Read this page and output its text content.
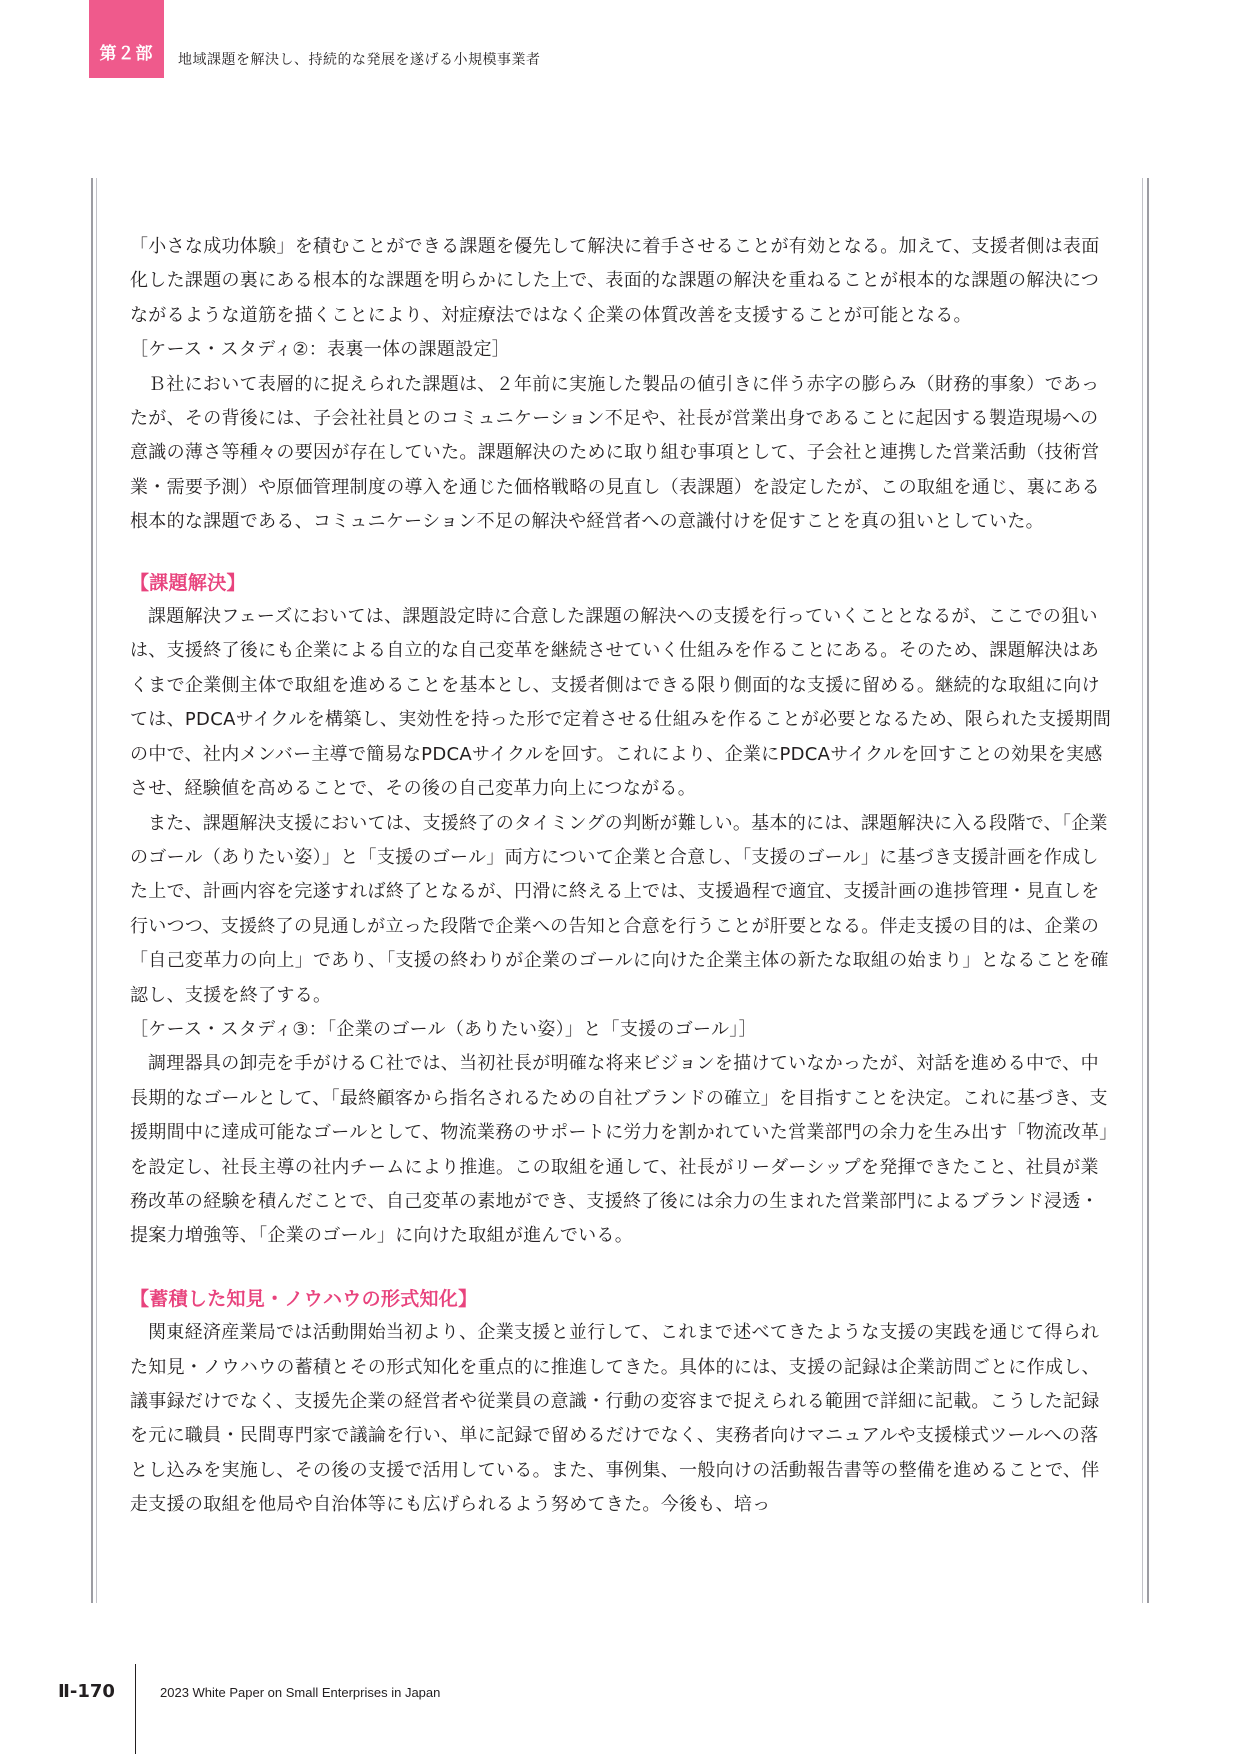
第２部 地域課題を解決し、持続的な発展を遂げる小規模事業者

「小さな成功体験」を積むことができる課題を優先して解決に着手させることが有効となる。加えて、支援者側は表面化した課題の裏にある根本的な課題を明らかにした上で、表面的な課題の解決を重ねることが根本的な課題の解決につながるような道筋を描くことにより、対症療法ではなく企業の体質改善を支援することが可能となる。

［ケース・スタディ②：表裏一体の課題設定］

Ｂ社において表層的に捉えられた課題は、２年前に実施した製品の値引きに伴う赤字の膨らみ（財務的事象）であったが、その背後には、子会社社員とのコミュニケーション不足や、社長が営業出身であることに起因する製造現場への意識の薄さ等種々の要因が存在していた。課題解決のために取り組む事項として、子会社と連携した営業活動（技術営業・需要予測）や原価管理制度の導入を通じた価格戦略の見直し（表課題）を設定したが、この取組を通じ、裏にある根本的な課題である、コミュニケーション不足の解決や経営者への意識付けを促すことを真の狙いとしていた。

【課題解決】

課題解決フェーズにおいては、課題設定時に合意した課題の解決への支援を行っていくこととなるが、ここでの狙いは、支援終了後にも企業による自立的な自己変革を継続させていく仕組みを作ることにある。そのため、課題解決はあくまで企業側主体で取組を進めることを基本とし、支援者側はできる限り側面的な支援に留める。継続的な取組に向けては、PDCAサイクルを構築し、実効性を持った形で定着させる仕組みを作ることが必要となるため、限られた支援期間の中で、社内メンバー主導で簡易なPDCAサイクルを回す。これにより、企業にPDCAサイクルを回すことの効果を実感させ、経験値を高めることで、その後の自己変革力向上につながる。

また、課題解決支援においては、支援終了のタイミングの判断が難しい。基本的には、課題解決に入る段階で、「企業のゴール（ありたい姿）」と「支援のゴール」両方について企業と合意し、「支援のゴール」に基づき支援計画を作成した上で、計画内容を完遂すれば終了となるが、円滑に終える上では、支援過程で適宜、支援計画の進捗管理・見直しを行いつつ、支援終了の見通しが立った段階で企業への告知と合意を行うことが肝要となる。伴走支援の目的は、企業の「自己変革力の向上」であり、「支援の終わりが企業のゴールに向けた企業主体の新たな取組の始まり」となることを確認し、支援を終了する。

［ケース・スタディ③：「企業のゴール（ありたい姿）」と「支援のゴール」］

調理器具の卸売を手がけるＣ社では、当初社長が明確な将来ビジョンを描けていなかったが、対話を進める中で、中長期的なゴールとして、「最終顧客から指名されるための自社ブランドの確立」を目指すことを決定。これに基づき、支援期間中に達成可能なゴールとして、物流業務のサポートに労力を割かれていた営業部門の余力を生み出す「物流改革」を設定し、社長主導の社内チームにより推進。この取組を通して、社長がリーダーシップを発揮できたこと、社員が業務改革の経験を積んだことで、自己変革の素地ができ、支援終了後には余力の生まれた営業部門によるブランド浸透・提案力増強等、「企業のゴール」に向けた取組が進んでいる。

【蓄積した知見・ノウハウの形式知化】

関東経済産業局では活動開始当初より、企業支援と並行して、これまで述べてきたような支援の実践を通じて得られた知見・ノウハウの蓄積とその形式知化を重点的に推進してきた。具体的には、支援の記録は企業訪問ごとに作成し、議事録だけでなく、支援先企業の経営者や従業員の意識・行動の変容まで捉えられる範囲で詳細に記載。こうした記録を元に職員・民間専門家で議論を行い、単に記録で留めるだけでなく、実務者向けマニュアルや支援様式ツールへの落とし込みを実施し、その後の支援で活用している。また、事例集、一般向けの活動報告書等の整備を進めることで、伴走支援の取組を他局や自治体等にも広げられるよう努めてきた。今後も、培っ

Ⅱ-170	2023 White Paper on Small Enterprises in Japan
